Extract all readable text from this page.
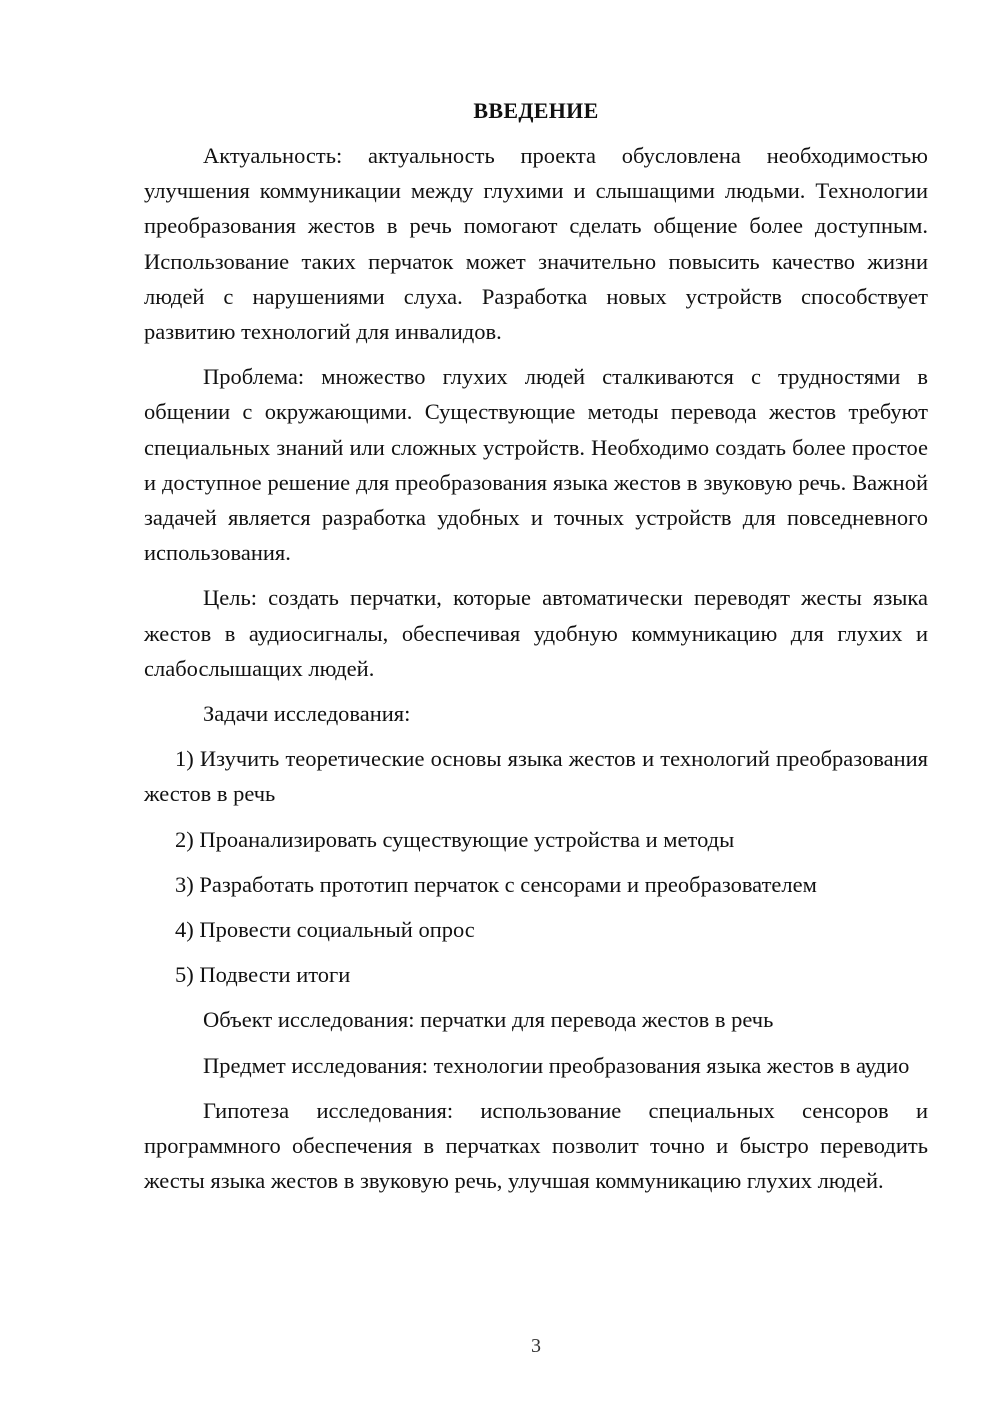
ВВЕДЕНИЕ
Актуальность: актуальность проекта обусловлена необходимостью улучшения коммуникации между глухими и слышащими людьми. Технологии преобразования жестов в речь помогают сделать общение более доступным. Использование таких перчаток может значительно повысить качество жизни людей с нарушениями слуха. Разработка новых устройств способствует развитию технологий для инвалидов.
Проблема: множество глухих людей сталкиваются с трудностями в общении с окружающими. Существующие методы перевода жестов требуют специальных знаний или сложных устройств. Необходимо создать более простое и доступное решение для преобразования языка жестов в звуковую речь. Важной задачей является разработка удобных и точных устройств для повседневного использования.
Цель: создать перчатки, которые автоматически переводят жесты языка жестов в аудиосигналы, обеспечивая удобную коммуникацию для глухих и слабослышащих людей.
Задачи исследования:
1) Изучить теоретические основы языка жестов и технологий преобразования жестов в речь
2) Проанализировать существующие устройства и методы
3) Разработать прототип перчаток с сенсорами и преобразователем
4) Провести социальный опрос
5) Подвести итоги
Объект исследования: перчатки для перевода жестов в речь
Предмет исследования: технологии преобразования языка жестов в аудио
Гипотеза исследования: использование специальных сенсоров и программного обеспечения в перчатках позволит точно и быстро переводить жесты языка жестов в звуковую речь, улучшая коммуникацию глухих людей.
3
